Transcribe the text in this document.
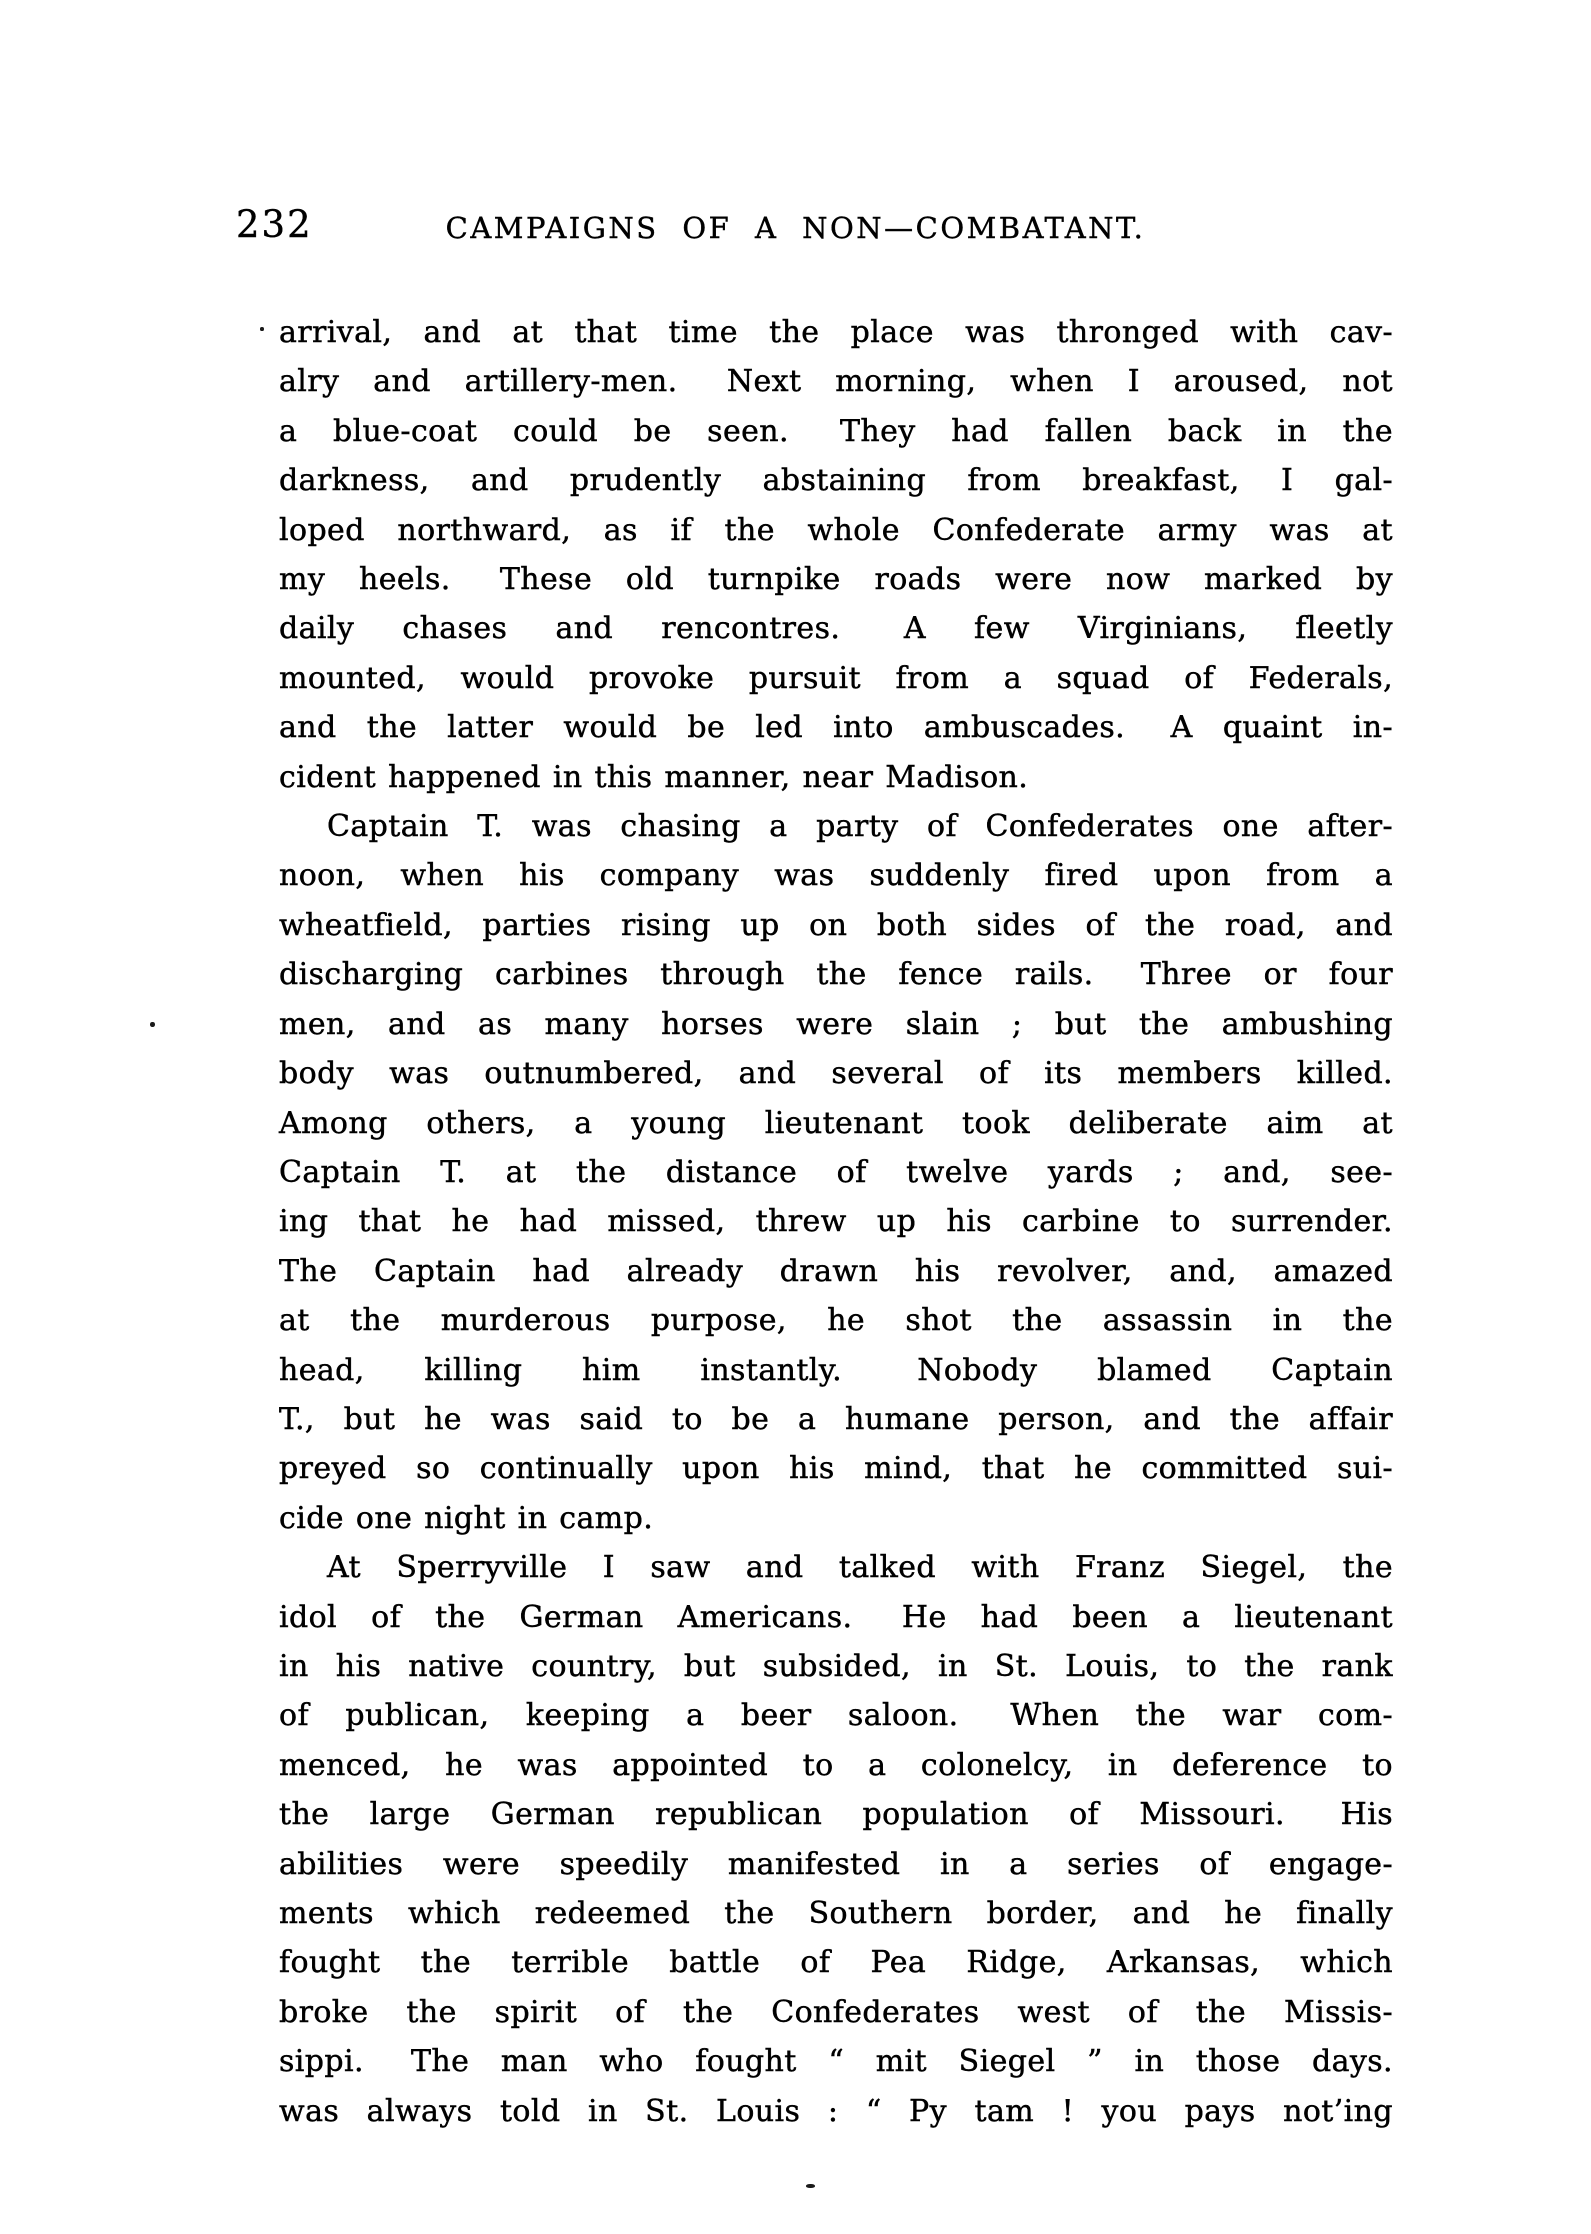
232	CAMPAIGNS OF A NON—COMBATANT.
arrival, and at that time the place was thronged with cav-
alry and artillery-men.  Next morning, when I aroused, not
a blue-coat could be seen.  They had fallen back in the
darkness, and prudently abstaining from breakfast, I gal-
loped northward, as if the whole Confederate army was at
my heels.  These old turnpike roads were now marked by
daily chases and rencontres.  A few Virginians, fleetly
mounted, would provoke pursuit from a squad of Federals,
and the latter would be led into ambuscades.  A quaint in-
cident happened in this manner, near Madison.
Captain T. was chasing a party of Confederates one after-
noon, when his company was suddenly fired upon from a
wheatfield, parties rising up on both sides of the road, and
discharging carbines through the fence rails.  Three or four
men, and as many horses were slain ; but the ambushing
body was outnumbered, and several of its members killed.
Among others, a young lieutenant took deliberate aim at
Captain T. at the distance of twelve yards ; and, see-
ing that he had missed, threw up his carbine to surrender.
The Captain had already drawn his revolver, and, amazed
at the murderous purpose, he shot the assassin in the
head, killing him instantly.  Nobody blamed Captain
T., but he was said to be a humane person, and the affair
preyed so continually upon his mind, that he committed sui-
cide one night in camp.
At Sperryville I saw and talked with Franz Siegel, the
idol of the German Americans.  He had been a lieutenant
in his native country, but subsided, in St. Louis, to the rank
of publican, keeping a beer saloon.  When the war com-
menced, he was appointed to a colonelcy, in deference to
the large German republican population of Missouri.  His
abilities were speedily manifested in a series of engage-
ments which redeemed the Southern border, and he finally
fought the terrible battle of Pea Ridge, Arkansas, which
broke the spirit of the Confederates west of the Missis-
sippi.  The man who fought “ mit Siegel ” in those days.
was always told in St. Louis : “ Py tam ! you pays not’ing
